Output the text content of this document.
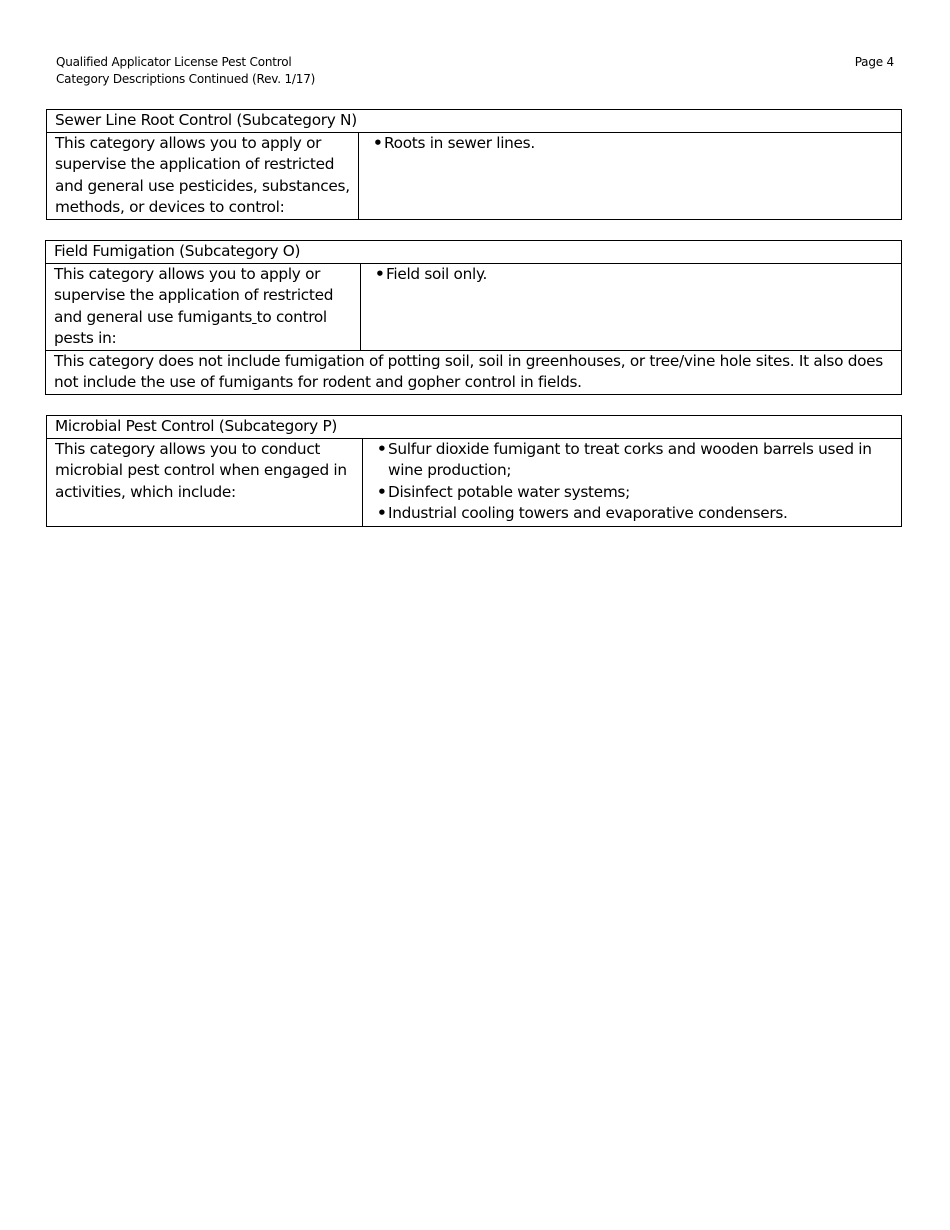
Qualified Applicator License Pest Control
Category Descriptions Continued (Rev. 1/17)
Page 4
Sewer Line Root Control (Subcategory N)
This category allows you to apply or supervise the application of restricted and general use pesticides, substances, methods, or devices to control:	
• Roots in sewer lines.
Field Fumigation (Subcategory O)
This category allows you to apply or supervise the application of restricted and general use fumigants to control pests in:	
• Field soil only.

This category does not include fumigation of potting soil, soil in greenhouses, or tree/vine hole sites. It also does not include the use of fumigants for rodent and gopher control in fields.
Microbial Pest Control (Subcategory P)
This category allows you to conduct microbial pest control when engaged in activities, which include:	
• Sulfur dioxide fumigant to treat corks and wooden barrels used in wine production;
• Disinfect potable water systems;
• Industrial cooling towers and evaporative condensers.
